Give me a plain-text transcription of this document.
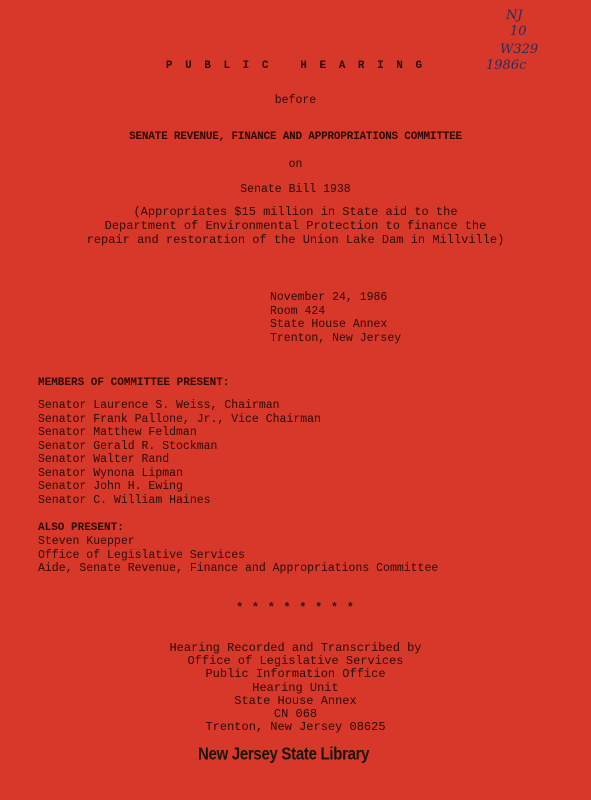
NJ
10
W329
1986c
P U B L I C   H E A R I N G
before
SENATE REVENUE, FINANCE AND APPROPRIATIONS COMMITTEE
on
Senate Bill 1938
(Appropriates $15 million in State aid to the
Department of Environmental Protection to finance the
repair and restoration of the Union Lake Dam in Millville)
November 24, 1986
Room 424
State House Annex
Trenton, New Jersey
MEMBERS OF COMMITTEE PRESENT:
Senator Laurence S. Weiss, Chairman
Senator Frank Pallone, Jr., Vice Chairman
Senator Matthew Feldman
Senator Gerald R. Stockman
Senator Walter Rand
Senator Wynona Lipman
Senator John H. Ewing
Senator C. William Haines
ALSO PRESENT:
Steven Kuepper
Office of Legislative Services
Aide, Senate Revenue, Finance and Appropriations Committee
* * * * * * * *
Hearing Recorded and Transcribed by
Office of Legislative Services
Public Information Office
Hearing Unit
State House Annex
CN 068
Trenton, New Jersey 08625
New Jersey State Library
